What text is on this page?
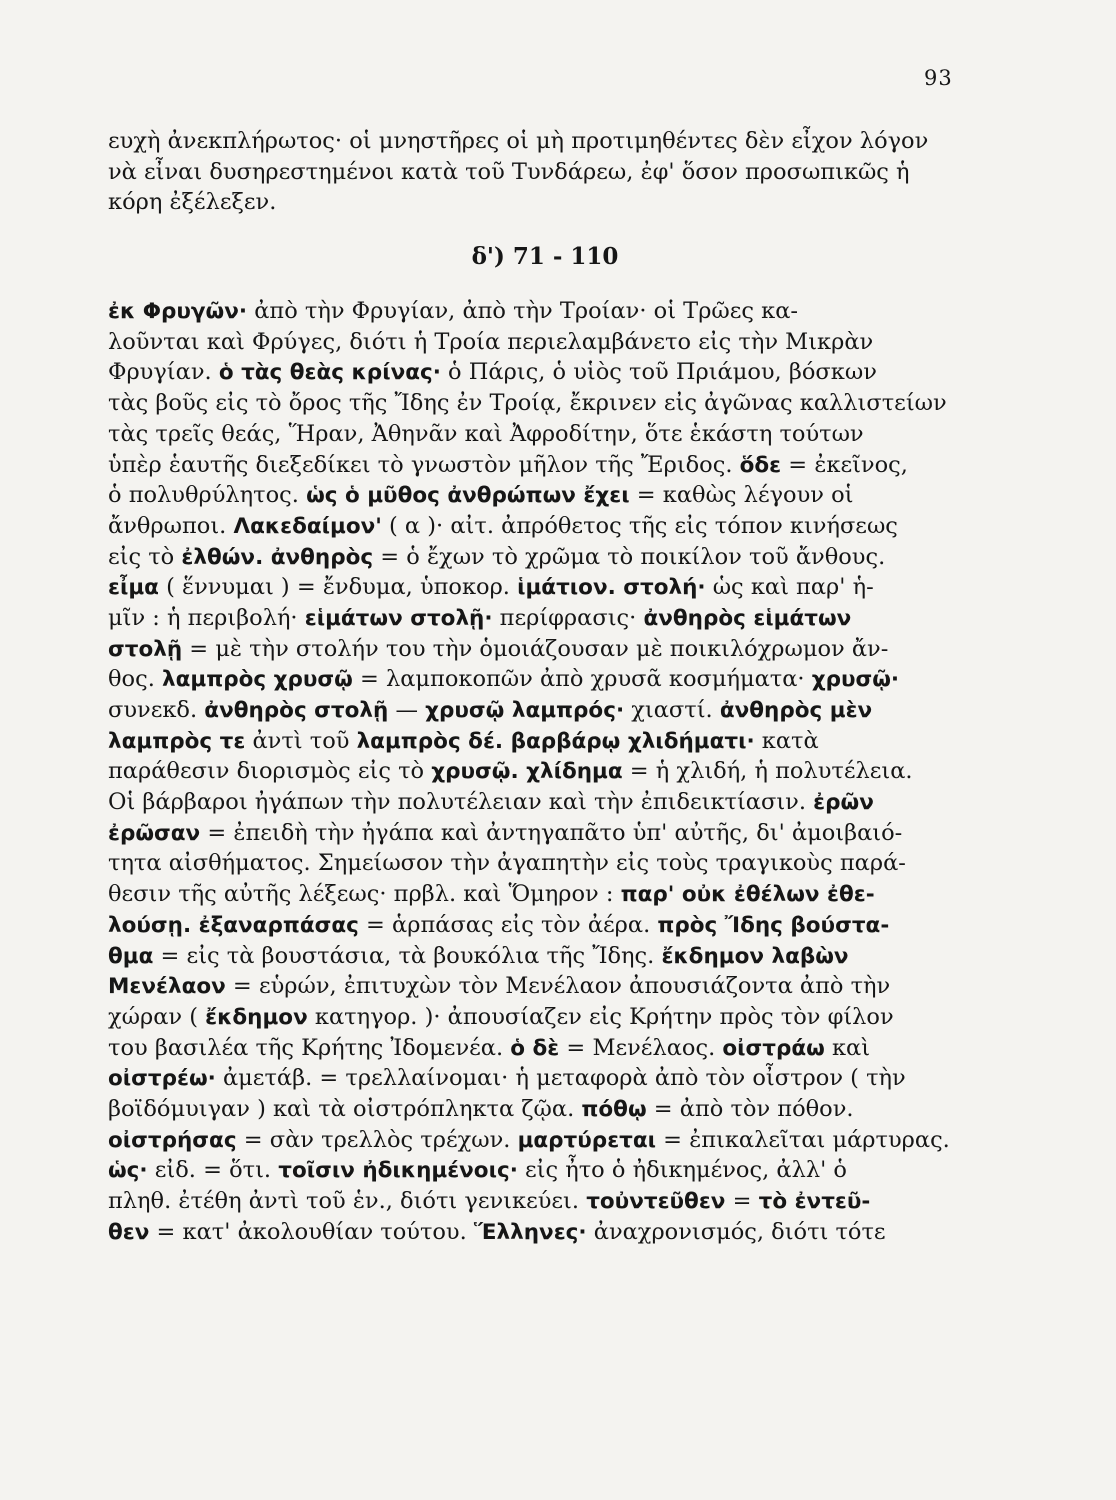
93
ευχὴ ἀνεκπλήρωτος· οἱ μνηστῆρες οἱ μὴ προτιμηθέντες δὲν εἶχον λόγον
νὰ εἶναι δυσηρεστημένοι κατὰ τοῦ Τυνδάρεω, ἐφ' ὅσον προσωπικῶς ἡ
κόρη ἐξέλεξεν.
δ') 71 - 110
ἐκ Φρυγῶν· ἀπὸ τὴν Φρυγίαν, ἀπὸ τὴν Τροίαν· οἱ Τρῶες κα-
λοῦνται καὶ Φρύγες, διότι ἡ Τροία περιελαμβάνετο εἰς τὴν Μικρὰν
Φρυγίαν. ὁ τὰς θεὰς κρίνας· ὁ Πάρις, ὁ υἱὸς τοῦ Πριάμου, βόσκων
τὰς βοῦς εἰς τὸ ὄρος τῆς Ἴδης ἐν Τροίᾳ, ἔκρινεν εἰς ἀγῶνας καλλιστείων
τὰς τρεῖς θεάς, Ἥραν, Ἀθηνᾶν καὶ Ἀφροδίτην, ὅτε ἑκάστη τούτων
ὑπὲρ ἑαυτῆς διεξεδίκει τὸ γνωστὸν μῆλον τῆς Ἔριδος. ὅδε = ἐκεῖνος,
ὁ πολυθρύλητος. ὡς ὁ μῦθος ἀνθρώπων ἔχει = καθὼς λέγουν οἱ
ἄνθρωποι. Λακεδαίμον' ( α )· αἰτ. ἀπρόθετος τῆς εἰς τόπον κινήσεως
εἰς τὸ ἐλθών. ἀνθηρὸς = ὁ ἔχων τὸ χρῶμα τὸ ποικίλον τοῦ ἄνθους.
εἶμα ( ἕννυμαι ) = ἔνδυμα, ὑποκορ. ἱμάτιον. στολή· ὡς καὶ παρ' ἡ-
μῖν : ἡ περιβολή· εἱμάτων στολῇ· περίφρασις· ἀνθηρὸς εἱμάτων
στολῇ = μὲ τὴν στολήν του τὴν ὁμοιάζουσαν μὲ ποικιλόχρωμον ἄν-
θος. λαμπρὸς χρυσῷ = λαμποκοπῶν ἀπὸ χρυσᾶ κοσμήματα· χρυσῷ·
συνεκδ. ἀνθηρὸς στολῇ — χρυσῷ λαμπρός· χιαστί. ἀνθηρὸς μὲν
λαμπρὸς τε ἀντὶ τοῦ λαμπρὸς δέ. βαρβάρῳ χλιδήματι· κατὰ
παράθεσιν διορισμὸς εἰς τὸ χρυσῷ. χλίδημα = ἡ χλιδή, ἡ πολυτέλεια.
Οἱ βάρβαροι ἠγάπων τὴν πολυτέλειαν καὶ τὴν ἐπιδεικτίασιν. ἐρῶν
ἐρῶσαν = ἐπειδὴ τὴν ἠγάπα καὶ ἀντηγαπᾶτο ὑπ' αὐτῆς, δι' ἀμοιβαιό-
τητα αἰσθήματος. Σημείωσον τὴν ἀγαπητὴν εἰς τοὺς τραγικοὺς παρά-
θεσιν τῆς αὐτῆς λέξεως· πρβλ. καὶ Ὅμηρον : παρ' οὐκ ἐθέλων ἐθε-
λούσῃ. ἐξαναρπάσας = ἁρπάσας εἰς τὸν ἀέρα. πρὸς Ἴδης βούστα-
θμα = εἰς τὰ βουστάσια, τὰ βουκόλια τῆς Ἴδης. ἔκδημον λαβὼν
Μενέλαον = εὑρών, ἐπιτυχὼν τὸν Μενέλαον ἀπουσιάζοντα ἀπὸ τὴν
χώραν ( ἔκδημον κατηγορ. )· ἀπουσίαζεν εἰς Κρήτην πρὸς τὸν φίλον
του βασιλέα τῆς Κρήτης Ἰδομενέα. ὁ δὲ = Μενέλαος. οἰστράω καὶ
οἰστρέω· ἀμετάβ. = τρελλαίνομαι· ἡ μεταφορὰ ἀπὸ τὸν οἶστρον ( τὴν
βοϊδόμυιγαν ) καὶ τὰ οἰστρόπληκτα ζῷα. πόθῳ = ἀπὸ τὸν πόθον.
οἰστρήσας = σὰν τρελλὸς τρέχων. μαρτύρεται = ἐπικαλεῖται μάρτυρας.
ὡς· εἰδ. = ὅτι. τοῖσιν ἠδικημένοις· εἰς ἦτο ὁ ἠδικημένος, ἀλλ' ὁ
πληθ. ἐτέθη ἀντὶ τοῦ ἑν., διότι γενικεύει. τοὐντεῦθεν = τὸ ἐντεῦ-
θεν = κατ' ἀκολουθίαν τούτου. Ἕλληνες· ἀναχρονισμός, διότι τότε
